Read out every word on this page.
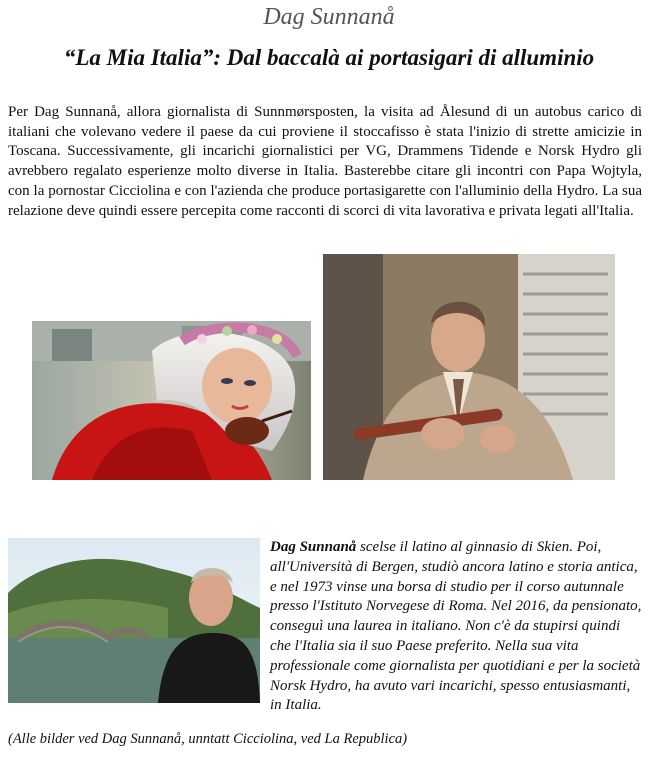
Dag Sunnanå
“La Mia Italia”: Dal baccalà ai portasigari di alluminio

Per Dag Sunnanå, allora giornalista di Sunnmørsposten, la visita ad Ålesund di un autobus carico di italiani che volevano vedere il paese da cui proviene il stoccafisso è stata l'inizio di strette amicizie in Toscana. Successivamente, gli incarichi giornalistici per VG, Drammens Tidende e Norsk Hydro gli avrebbero regalato esperienze molto diverse in Italia. Basterebbe citare gli incontri con Papa Wojtyla, con la pornostar Cicciolina e con l'azienda che produce portasigarette con l'alluminio della Hydro. La sua relazione deve quindi essere percepita come racconti di scorci di vita lavorativa e privata legati all'Italia.

Dag Sunnanå scelse il latino al ginnasio di Skien. Poi, all'Università di Bergen, studiò ancora latino e storia antica, e nel 1973 vinse una borsa di studio per il corso autunnale presso l'Istituto Norvegese di Roma. Nel 2016, da pensionato, conseguì una laurea in italiano. Non c'è da stupirsi quindi che l'Italia sia il suo Paese preferito. Nella sua vita professionale come giornalista per quotidiani e per la società Norsk Hydro, ha avuto vari incarichi, spesso entusiasmanti, in Italia.

(Alle bilder ved Dag Sunnanå, unntatt Cicciolina, ved La Republica)
